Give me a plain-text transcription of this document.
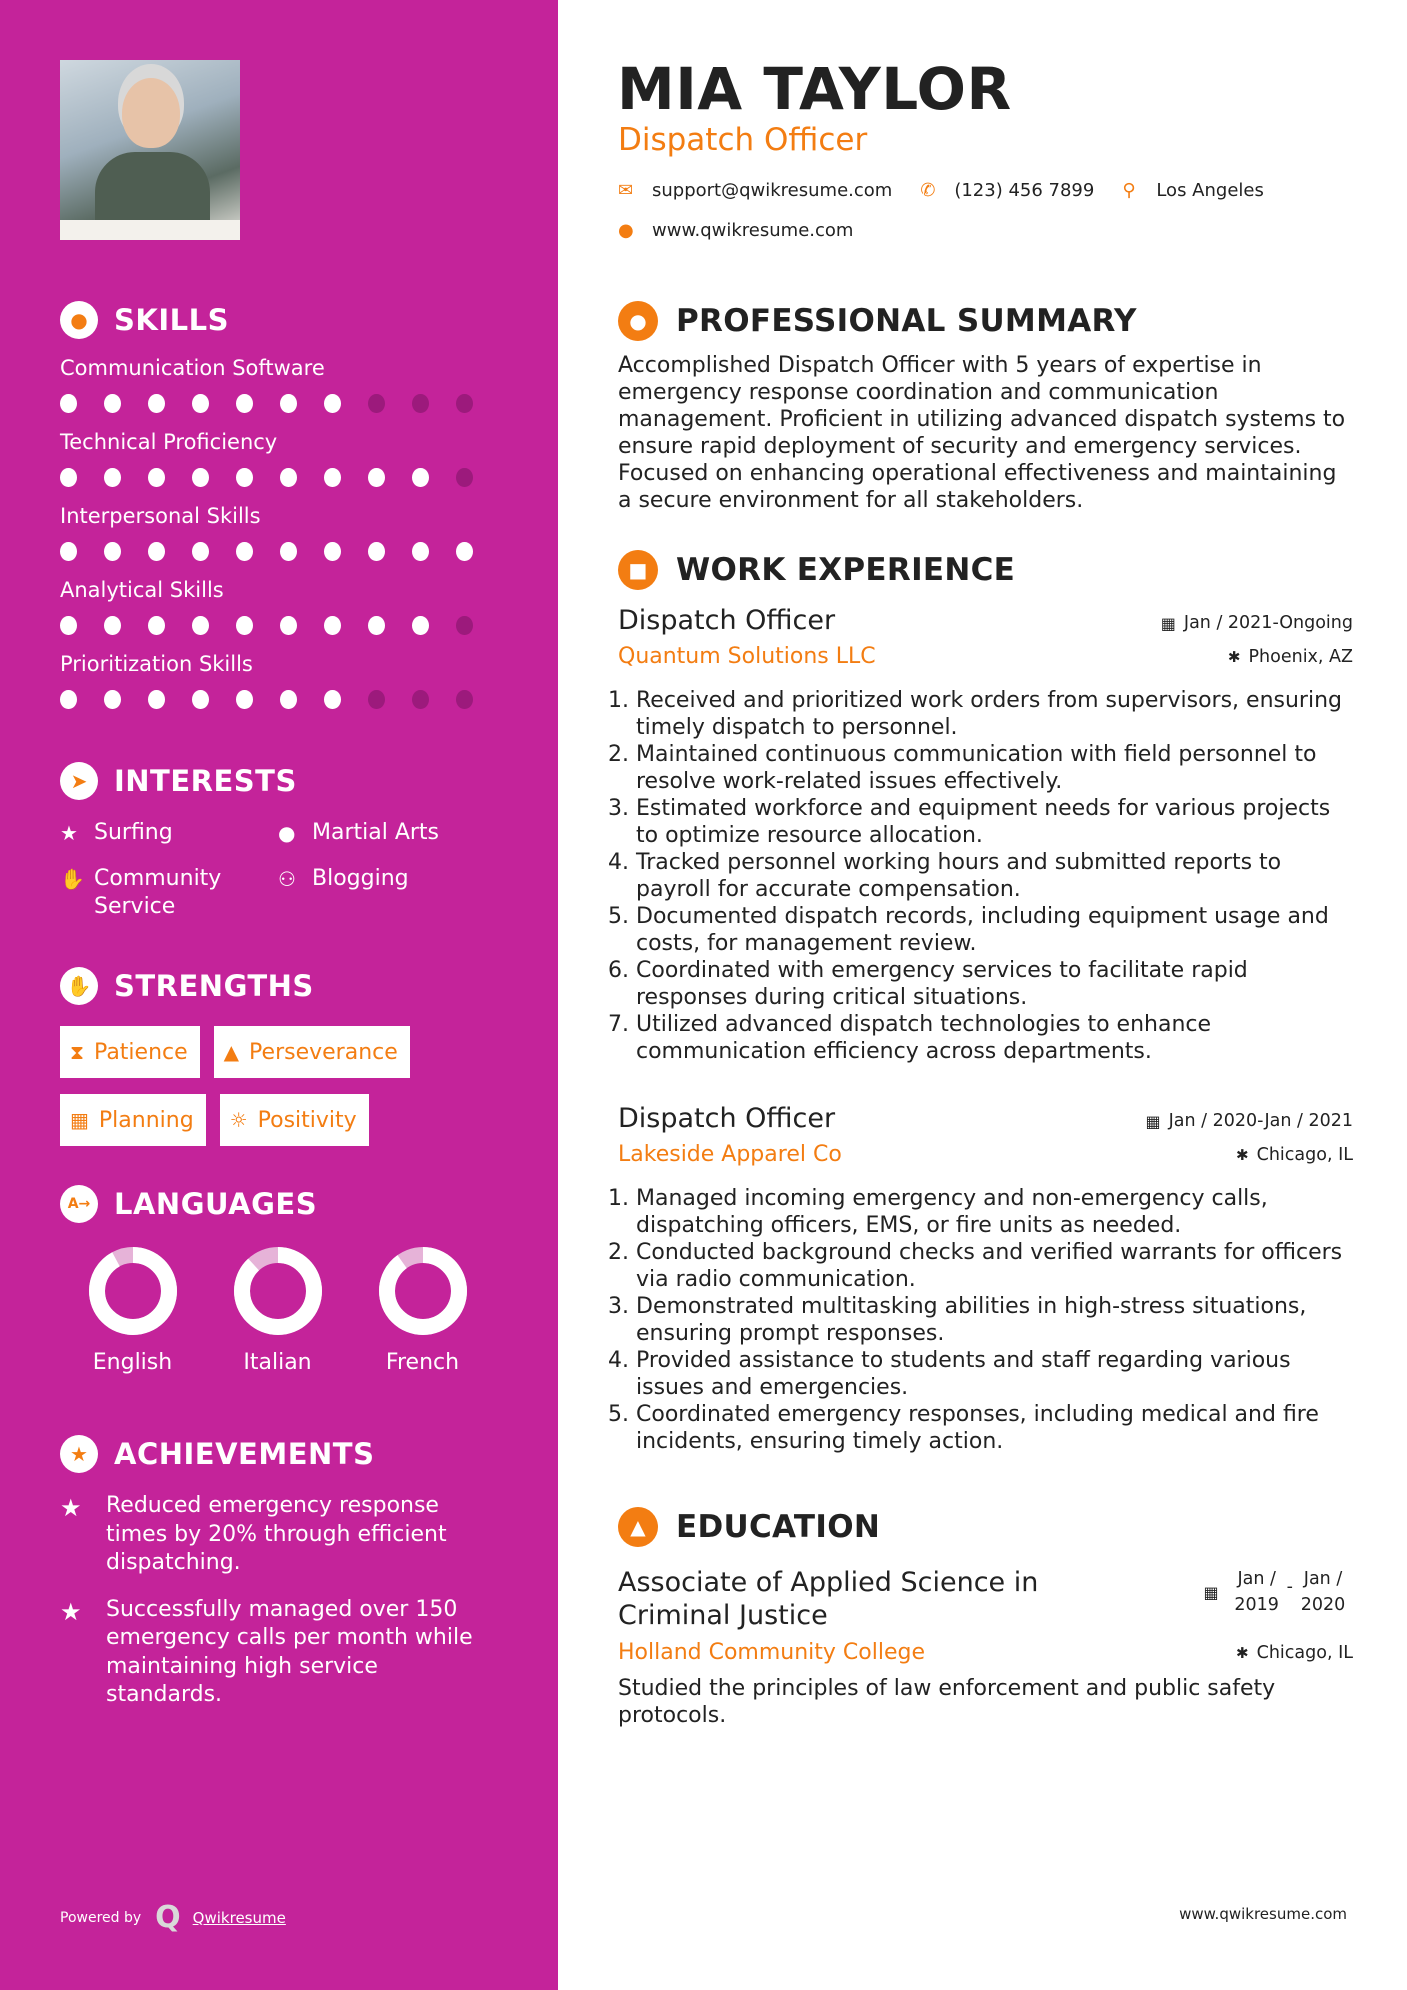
● SKILLS
Communication Software
Technical Proficiency
Interpersonal Skills
Analytical Skills
Prioritization Skills
➤ INTERESTS
★ Surfing	● Martial Arts
✋ Community Service
⚇ Blogging
✋ STRENGTHS
⧗ Patience ▲ Perseverance
▦ Planning ☼ Positivity
A→ LANGUAGES
English	Italian	French
★ ACHIEVEMENTS
★	Reduced emergency response times by 20% through efficient dispatching.
★	Successfully managed over 150 emergency calls per month while maintaining high service standards.
Powered by Q Qwikresume
MIA TAYLOR
Dispatch Officer
✉ support@qwikresume.com ✆ (123) 456 7899 ⚲ Los Angeles
● www.qwikresume.com
● PROFESSIONAL SUMMARY
Accomplished Dispatch Officer with 5 years of expertise in emergency response coordination and communication management. Proficient in utilizing advanced dispatch systems to ensure rapid deployment of security and emergency services. Focused on enhancing operational effectiveness and maintaining a secure environment for all stakeholders.
■ WORK EXPERIENCE
Dispatch Officer	▦ Jan / 2021-Ongoing
Quantum Solutions LLC	✱ Phoenix, AZ
1. Received and prioritized work orders from supervisors, ensuring timely dispatch to personnel.
2. Maintained continuous communication with field personnel to resolve work-related issues effectively.
3. Estimated workforce and equipment needs for various projects to optimize resource allocation.
4. Tracked personnel working hours and submitted reports to payroll for accurate compensation.
5. Documented dispatch records, including equipment usage and costs, for management review.
6. Coordinated with emergency services to facilitate rapid responses during critical situations.
7. Utilized advanced dispatch technologies to enhance communication efficiency across departments.
Dispatch Officer	▦ Jan / 2020-Jan / 2021
Lakeside Apparel Co	✱ Chicago, IL
1. Managed incoming emergency and non-emergency calls, dispatching officers, EMS, or fire units as needed.
2. Conducted background checks and verified warrants for officers via radio communication.
3. Demonstrated multitasking abilities in high-stress situations, ensuring prompt responses.
4. Provided assistance to students and staff regarding various issues and emergencies.
5. Coordinated emergency responses, including medical and fire incidents, ensuring timely action.
▲ EDUCATION
Associate of Applied Science in Criminal Justice
▦
Jan /
2019
- Jan /
2020
Holland Community College	✱ Chicago, IL
Studied the principles of law enforcement and public safety protocols.
www.qwikresume.com
